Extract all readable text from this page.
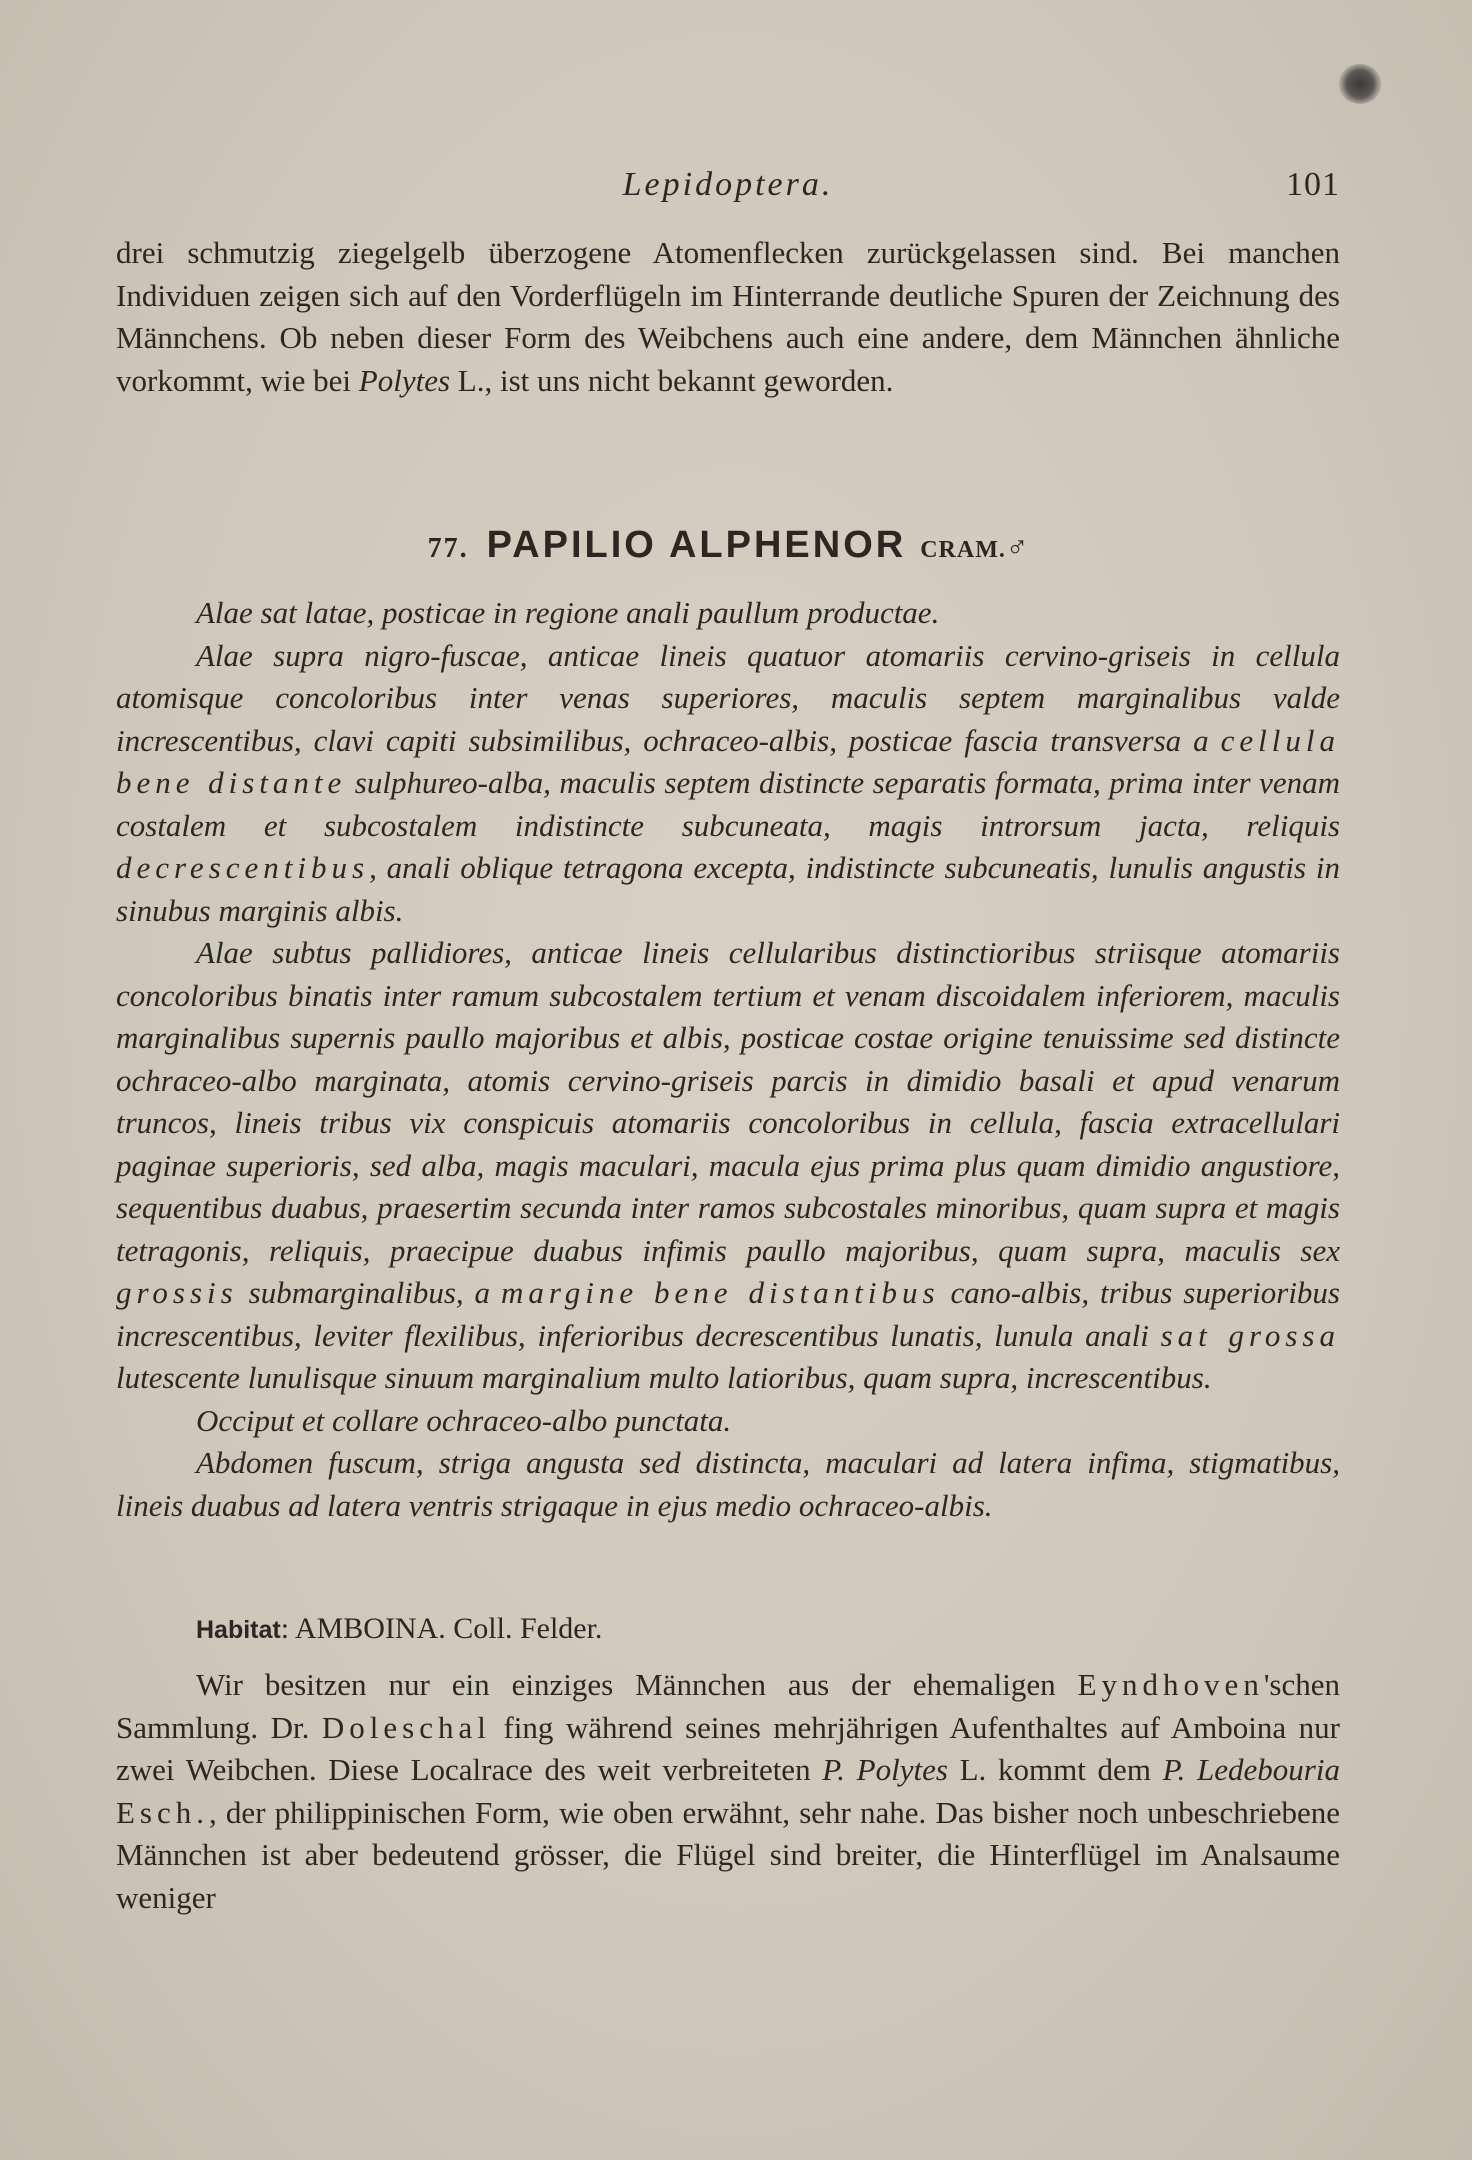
Lepidoptera.	101

drei schmutzig ziegelgelb überzogene Atomenflecken zurückgelassen sind. Bei manchen Individuen zeigen sich auf den Vorderflügeln im Hinterrande deutliche Spuren der Zeichnung des Männchens. Ob neben dieser Form des Weibchens auch eine andere, dem Männchen ähnliche vorkommt, wie bei Polytes L., ist uns nicht bekannt geworden.

77. PAPILIO ALPHENOR CRAM.♂

Alae sat latae, posticae in regione anali paullum productae.

Alae supra nigro-fuscae, anticae lineis quatuor atomariis cervino-griseis in cellula atomisque concoloribus inter venas superiores, maculis septem marginalibus valde increscentibus, clavi capiti subsimilibus, ochraceo-albis, posticae fascia transversa a cellula bene distante sulphureo-alba, maculis septem distincte separatis formata, prima inter venam costalem et subcostalem indistincte subcuneata, magis introrsum jacta, reliquis decrescentibus, anali oblique tetragona excepta, indistincte subcuneatis, lunulis angustis in sinubus marginis albis.

Alae subtus pallidiores, anticae lineis cellularibus distinctioribus striisque atomariis concoloribus binatis inter ramum subcostalem tertium et venam discoidalem inferiorem, maculis marginalibus supernis paullo majoribus et albis, posticae costae origine tenuissime sed distincte ochraceo-albo marginata, atomis cervino-griseis parcis in dimidio basali et apud venarum truncos, lineis tribus vix conspicuis atomariis concoloribus in cellula, fascia extracellulari paginae superioris, sed alba, magis maculari, macula ejus prima plus quam dimidio angustiore, sequentibus duabus, praesertim secunda inter ramos subcostales minoribus, quam supra et magis tetragonis, reliquis, praecipue duabus infimis paullo majoribus, quam supra, maculis sex grossis submarginalibus, a margine bene distantibus cano-albis, tribus superioribus increscentibus, leviter flexilibus, inferioribus decrescentibus lunatis, lunula anali sat grossa lutescente lunulisque sinuum marginalium multo latioribus, quam supra, increscentibus.

Occiput et collare ochraceo-albo punctata.

Abdomen fuscum, striga angusta sed distincta, maculari ad latera infima, stigmatibus, lineis duabus ad latera ventris strigaque in ejus medio ochraceo-albis.

Habitat: AMBOINA. Coll. Felder.

Wir besitzen nur ein einziges Männchen aus der ehemaligen Eyndhoven'schen Sammlung. Dr. Doleschal fing während seines mehrjährigen Aufenthaltes auf Amboina nur zwei Weibchen. Diese Localrace des weit verbreiteten P. Polytes L. kommt dem P. Ledebouria Esch., der philippinischen Form, wie oben erwähnt, sehr nahe. Das bisher noch unbeschriebene Männchen ist aber bedeutend grösser, die Flügel sind breiter, die Hinterflügel im Analsaume weniger
